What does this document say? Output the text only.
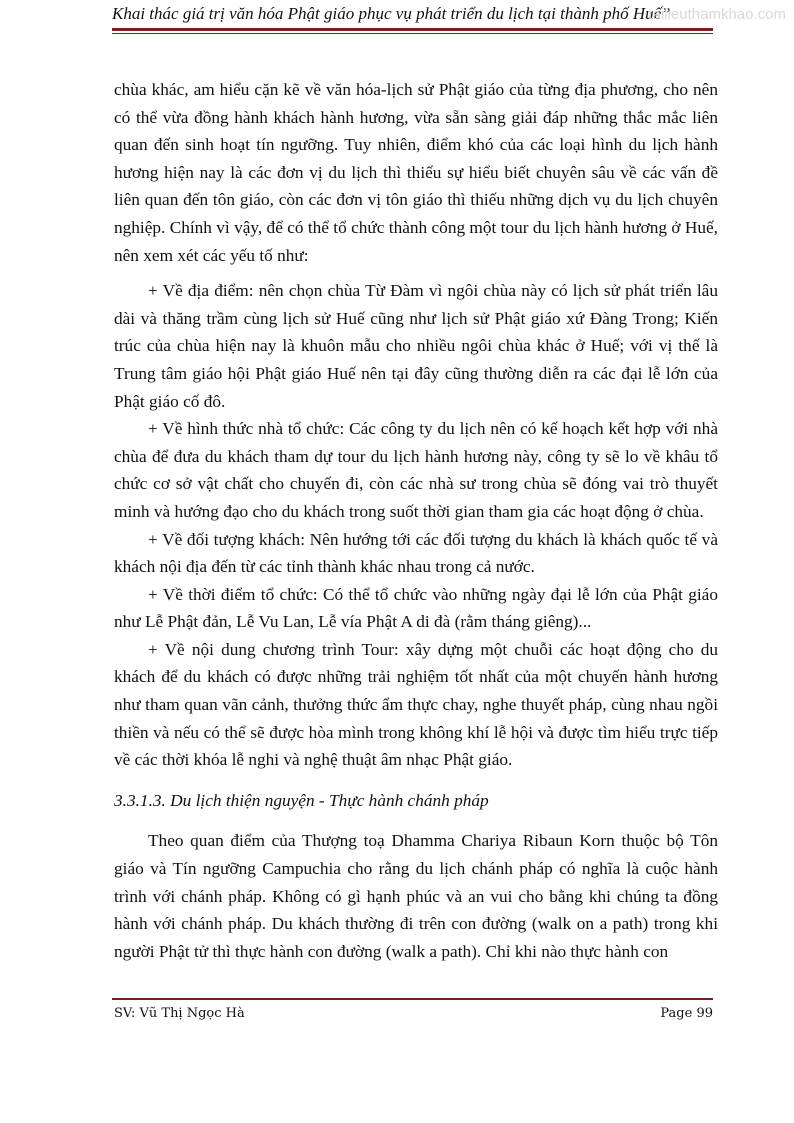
Khai thác giá trị văn hóa Phật giáo phục vụ phát triển du lịch tại thành phố Huế”
tailieuthamkhao.com

chùa khác, am hiểu cặn kẽ về văn hóa-lịch sử Phật giáo của từng địa phương, cho nên có thể vừa đồng hành khách hành hương, vừa sẵn sàng giải đáp những thắc mắc liên quan đến sinh hoạt tín ngưỡng. Tuy nhiên, điểm khó của các loại hình du lịch hành hương hiện nay là các đơn vị du lịch thì thiếu sự hiểu biết chuyên sâu về các vấn đề liên quan đến tôn giáo, còn các đơn vị tôn giáo thì thiếu những dịch vụ du lịch chuyên nghiệp. Chính vì vậy, để có thể tổ chức thành công một tour du lịch hành hương ở Huế, nên xem xét các yếu tố như:

+ Về địa điểm: nên chọn chùa Từ Đàm vì ngôi chùa này có lịch sử phát triển lâu dài và thăng trầm cùng lịch sử Huế cũng như lịch sử Phật giáo xứ Đàng Trong; Kiến trúc của chùa hiện nay là khuôn mẫu cho nhiều ngôi chùa khác ở Huế; với vị thế là Trung tâm giáo hội Phật giáo Huế nên tại đây cũng thường diễn ra các đại lễ lớn của Phật giáo cố đô.

+ Về hình thức nhà tổ chức: Các công ty du lịch nên có kế hoạch kết hợp với nhà chùa để đưa du khách tham dự tour du lịch hành hương này, công ty sẽ lo về khâu tổ chức cơ sở vật chất cho chuyến đi, còn các nhà sư trong chùa sẽ đóng vai trò thuyết minh và hướng đạo cho du khách trong suốt thời gian tham gia các hoạt động ở chùa.

+ Về đối tượng khách: Nên hướng tới các đối tượng du khách là khách quốc tế và khách nội địa đến từ các tỉnh thành khác nhau trong cả nước.

+ Về thời điểm tổ chức: Có thể tổ chức vào những ngày đại lễ lớn của Phật giáo như Lễ Phật đản, Lễ Vu Lan, Lễ vía Phật A di đà (rằm tháng giêng)...

+ Về nội dung chương trình Tour: xây dựng một chuỗi các hoạt động cho du khách để du khách có được những trải nghiệm tốt nhất của một chuyến hành hương như tham quan vãn cảnh, thưởng thức ẩm thực chay, nghe thuyết pháp, cùng nhau ngồi thiền và nếu có thể sẽ được hòa mình trong không khí lễ hội và được tìm hiểu trực tiếp về các thời khóa lễ nghi và nghệ thuật âm nhạc Phật giáo.

3.3.1.3. Du lịch thiện nguyện - Thực hành chánh pháp

Theo quan điểm của Thượng toạ Dhamma Chariya Ribaun Korn thuộc bộ Tôn giáo và Tín ngưỡng Campuchia cho rằng du lịch chánh pháp có nghĩa là cuộc hành trình với chánh pháp. Không có gì hạnh phúc và an vui cho bằng khi chúng ta đồng hành với chánh pháp. Du khách thường đi trên con đường (walk on a path) trong khi người Phật tử thì thực hành con đường (walk a path). Chỉ khi nào thực hành con

SV: Vũ Thị Ngọc Hà	Page 99
